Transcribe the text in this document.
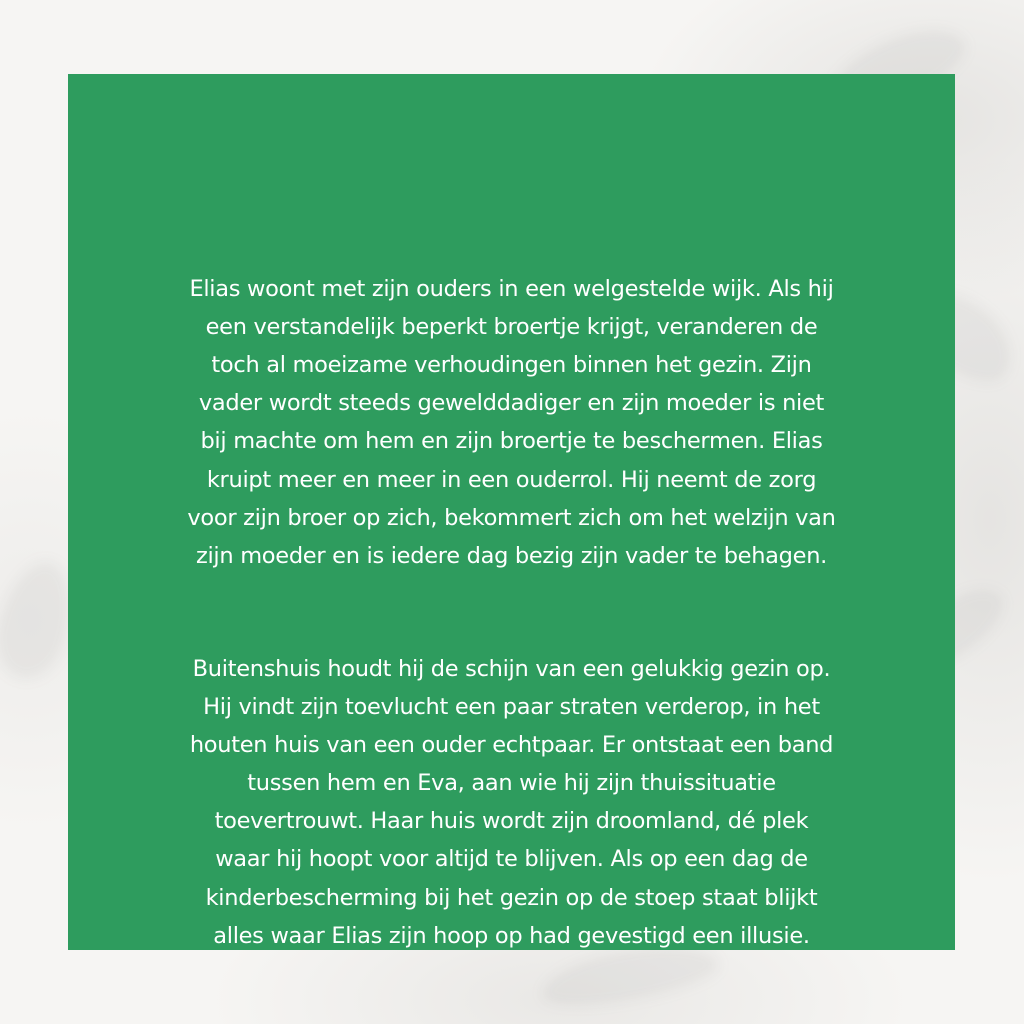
Elias woont met zijn ouders in een welgestelde wijk. Als hij
een verstandelijk beperkt broertje krijgt, veranderen de
toch al moeizame verhoudingen binnen het gezin. Zijn
vader wordt steeds gewelddadiger en zijn moeder is niet
bij machte om hem en zijn broertje te beschermen. Elias
kruipt meer en meer in een ouderrol. Hij neemt de zorg
voor zijn broer op zich, bekommert zich om het welzijn van
zijn moeder en is iedere dag bezig zijn vader te behagen.

Buitenshuis houdt hij de schijn van een gelukkig gezin op.
Hij vindt zijn toevlucht een paar straten verderop, in het
houten huis van een ouder echtpaar. Er ontstaat een band
tussen hem en Eva, aan wie hij zijn thuissituatie
toevertrouwt. Haar huis wordt zijn droomland, dé plek
waar hij hoopt voor altijd te blijven. Als op een dag de
kinderbescherming bij het gezin op de stoep staat blijkt
alles waar Elias zijn hoop op had gevestigd een illusie.
